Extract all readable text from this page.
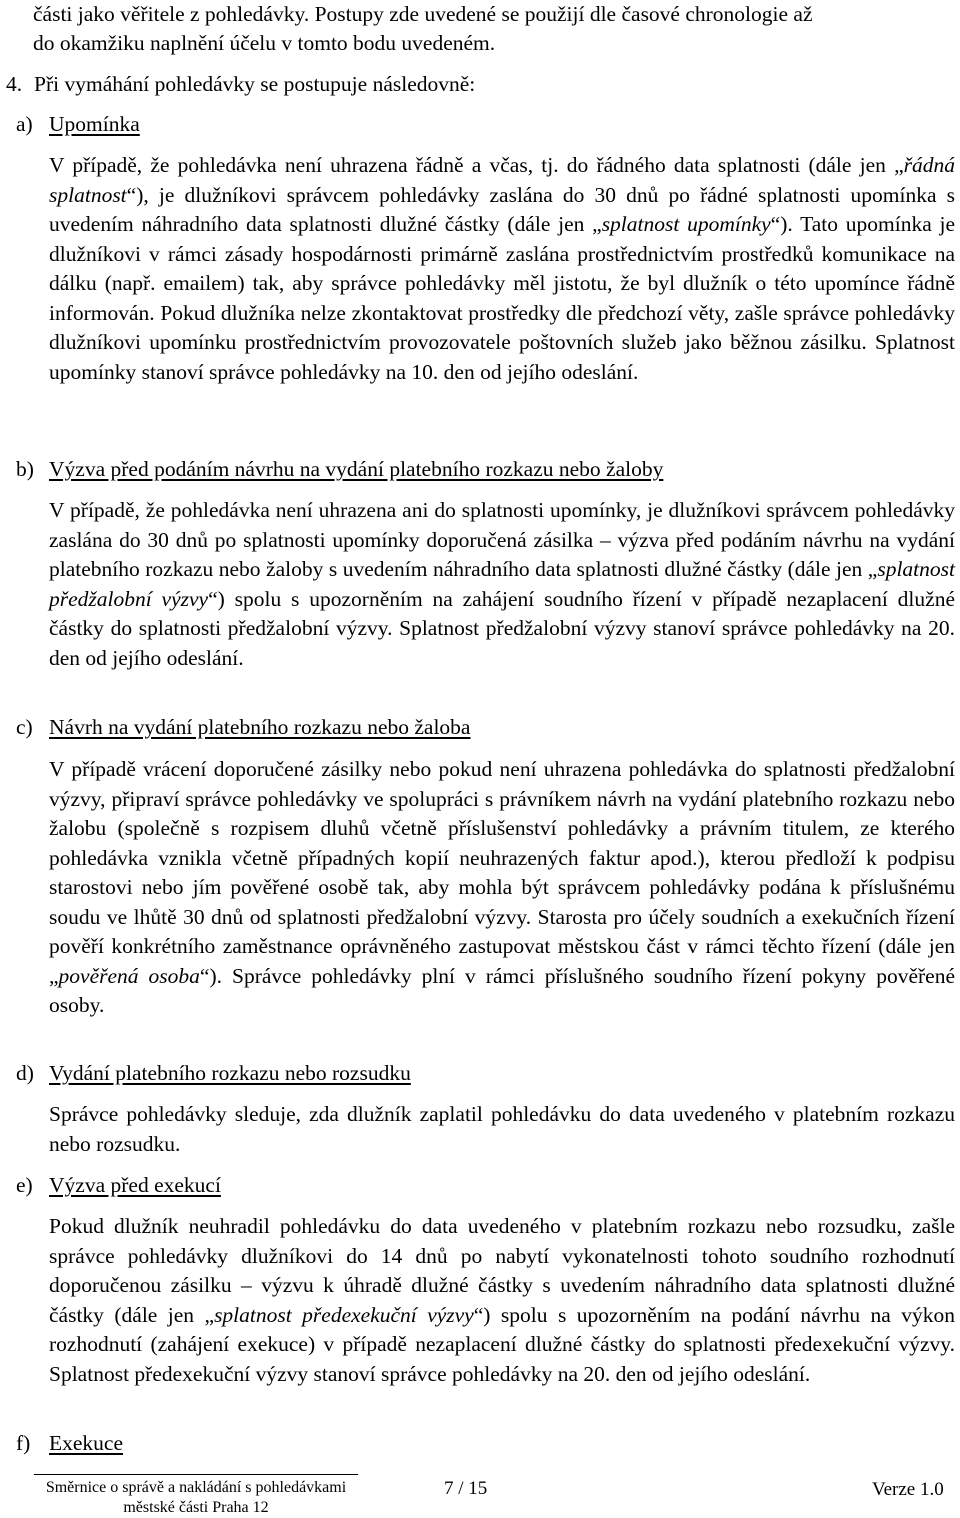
části jako věřitele z pohledávky. Postupy zde uvedené se použijí dle časové chronologie až
do okamžiku naplnění účelu v tomto bodu uvedeném.
4. Při vymáhání pohledávky se postupuje následovně:
a) Upomínka

V případě, že pohledávka není uhrazena řádně a včas, tj. do řádného data splatnosti (dále jen „řádná splatnost“), je dlužníkovi správcem pohledávky zaslána do 30 dnů po řádné splatnosti upomínka s uvedením náhradního data splatnosti dlužné částky (dále jen „splatnost upomínky“). Tato upomínka je dlužníkovi v rámci zásady hospodárnosti primárně zaslána prostřednictvím prostředků komunikace na dálku (např. emailem) tak, aby správce pohledávky měl jistotu, že byl dlužník o této upomínce řádně informován. Pokud dlužníka nelze zkontaktovat prostředky dle předchozí věty, zašle správce pohledávky dlužníkovi upomínku prostřednictvím provozovatele poštovních služeb jako běžnou zásilku. Splatnost upomínky stanoví správce pohledávky na 10. den od jejího odeslání.

b) Výzva před podáním návrhu na vydání platebního rozkazu nebo žaloby

V případě, že pohledávka není uhrazena ani do splatnosti upomínky, je dlužníkovi správcem pohledávky zaslána do 30 dnů po splatnosti upomínky doporučená zásilka – výzva před podáním návrhu na vydání platebního rozkazu nebo žaloby s uvedením náhradního data splatnosti dlužné částky (dále jen „splatnost předžalobní výzvy“) spolu s upozorněním na zahájení soudního řízení v případě nezaplacení dlužné částky do splatnosti předžalobní výzvy. Splatnost předžalobní výzvy stanoví správce pohledávky na 20. den od jejího odeslání.

c) Návrh na vydání platebního rozkazu nebo žaloba

V případě vrácení doporučené zásilky nebo pokud není uhrazena pohledávka do splatnosti předžalobní výzvy, připraví správce pohledávky ve spolupráci s právníkem návrh na vydání platebního rozkazu nebo žalobu (společně s rozpisem dluhů včetně příslušenství pohledávky a právním titulem, ze kterého pohledávka vznikla včetně případných kopií neuhrazených faktur apod.), kterou předloží k podpisu starostovi nebo jím pověřené osobě tak, aby mohla být správcem pohledávky podána k příslušnému soudu ve lhůtě 30 dnů od splatnosti předžalobní výzvy. Starosta pro účely soudních a exekučních řízení pověří konkrétního zaměstnance oprávněného zastupovat městskou část v rámci těchto řízení (dále jen „pověřená osoba“). Správce pohledávky plní v rámci příslušného soudního řízení pokyny pověřené osoby.

d) Vydání platebního rozkazu nebo rozsudku

Správce pohledávky sleduje, zda dlužník zaplatil pohledávku do data uvedeného v platebním rozkazu nebo rozsudku.

e) Výzva před exekucí

Pokud dlužník neuhradil pohledávku do data uvedeného v platebním rozkazu nebo rozsudku, zašle správce pohledávky dlužníkovi do 14 dnů po nabytí vykonatelnosti tohoto soudního rozhodnutí doporučenou zásilku – výzvu k úhradě dlužné částky s uvedením náhradního data splatnosti dlužné částky (dále jen „splatnost předexekuční výzvy“) spolu s upozorněním na podání návrhu na výkon rozhodnutí (zahájení exekuce) v případě nezaplacení dlužné částky do splatnosti předexekuční výzvy. Splatnost předexekuční výzvy stanoví správce pohledávky na 20. den od jejího odeslání.

f) Exekuce
Směrnice o správě a nakládání s pohledávkami
městské části Praha 12
7 / 15	Verze 1.0
